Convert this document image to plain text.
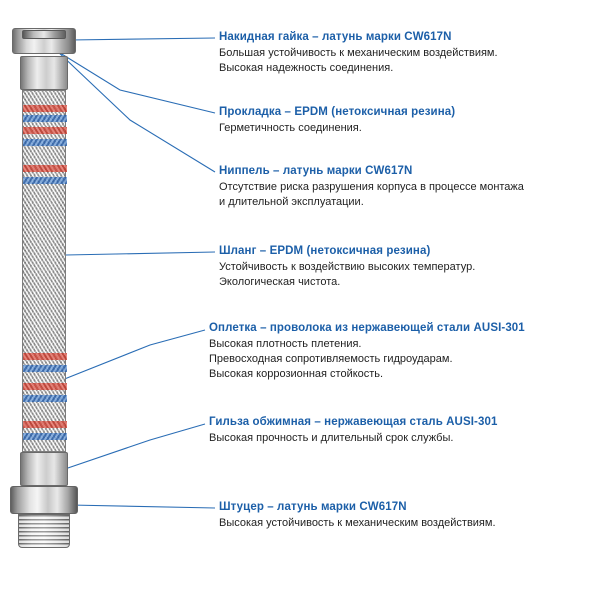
Накидная гайка – латунь марки CW617N
Большая устойчивость к механическим воздействиям.
Высокая надежность соединения.
Прокладка – EPDM (нетоксичная резина)
Герметичность соединения.
Ниппель – латунь марки CW617N
Отсутствие риска разрушения корпуса в процессе монтажа
и длительной эксплуатации.
Шланг – EPDM (нетоксичная резина)
Устойчивость к воздействию высоких температур.
Экологическая чистота.
Оплетка – проволока из нержавеющей стали AUSI-301
Высокая плотность плетения.
Превосходная сопротивляемость гидроударам.
Высокая коррозионная стойкость.
Гильза обжимная – нержавеющая сталь AUSI-301
Высокая прочность и длительный срок службы.
Штуцер – латунь марки CW617N
Высокая устойчивость к механическим воздействиям.
